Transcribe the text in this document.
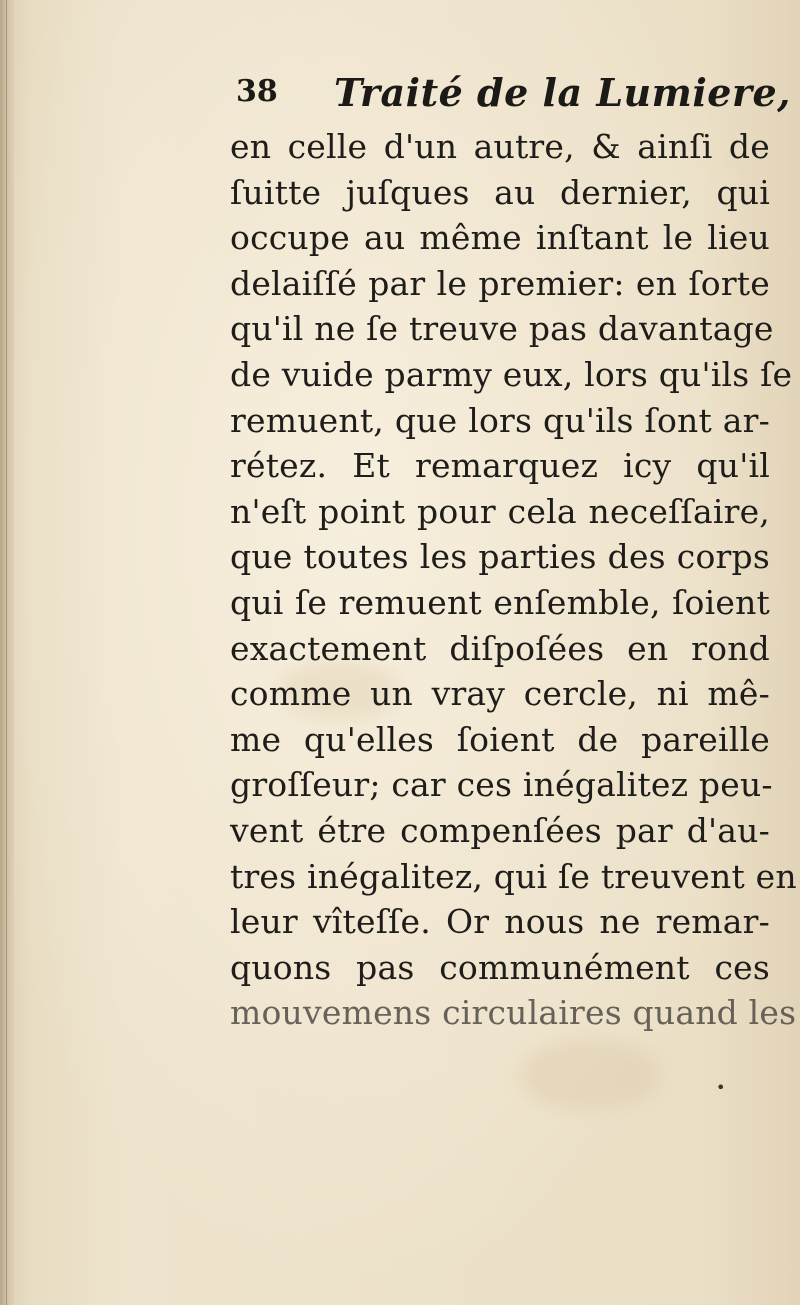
38 Traité de la Lumiere,
en celle d'un autre, & ainſi de
ſuitte juſques au dernier, qui
occupe au même inſtant le lieu
delaiſſé par le premier: en ſorte
qu'il ne ſe treuve pas davantage
de vuide parmy eux, lors qu'ils ſe
remuent, que lors qu'ils ſont ar-
rétez. Et remarquez icy qu'il
n'eſt point pour cela neceſſaire,
que toutes les parties des corps
qui ſe remuent enſemble, ſoient
exactement diſpoſées en rond
comme un vray cercle, ni mê-
me qu'elles ſoient de pareille
groſſeur; car ces inégalitez peu-
vent étre compenſées par d'au-
tres inégalitez, qui ſe treuvent en
leur vîteſſe. Or nous ne remar-
quons pas communément ces
mouvemens circulaires quand les
•
